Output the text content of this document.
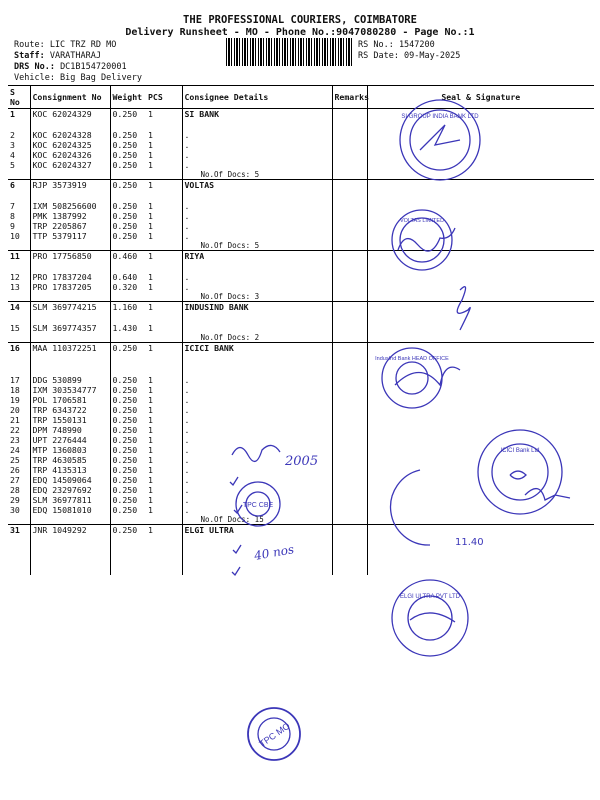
THE PROFESSIONAL COURIERS, COIMBATORE
Delivery Runsheet - MO - Phone No.:9047080280 - Page No.:1
Route: LIC TRZ RD MO
Staff: VARATHARAJ
DRS No.: DC1B154720001
Vehicle: Big Bag Delivery
RS No.: 1547200
RS Date: 09-May-2025
S No	Consignment No	Weight	PCS	Consignee Details	Remarks	Seal & Signature
1	KOC 62024329	0.250	1	SI BANK		

2	KOC 62024328	0.250	1	.		
3	KOC 62024325	0.250	1	.		
4	KOC 62024326	0.250	1	.		
5	KOC 62024327	0.250	1	.		
				No.Of Docs: 5		
6	RJP 3573919	0.250	1	VOLTAS		

7	IXM 508256600	0.250	1	.		
8	PMK 1387992	0.250	1	.		
9	TRP 2205867	0.250	1	.		
10	TTP 5379117	0.250	1	.		
				No.Of Docs: 5		
11	PRO 17756850	0.460	1	RIYA		

12	PRO 17837204	0.640	1	.		
13	PRO 17837205	0.320	1	.		
				No.Of Docs: 3		
14	SLM 369774215	1.160	1	INDUSIND BANK		

15	SLM 369774357	1.430	1			
				No.Of Docs: 2		
16	MAA 110372251	0.250	1	ICICI BANK		

17	DDG 530899	0.250	1	.		
18	IXM 303534777	0.250	1	.		
19	POL 1706581	0.250	1	.		
20	TRP 6343722	0.250	1	.		
21	TRP 1550131	0.250	1	.		
22	DPM 748990	0.250	1	.		
23	UPT 2276444	0.250	1	.		
24	MTP 1360803	0.250	1	.		
25	TRP 4630585	0.250	1	.		
26	TRP 4135313	0.250	1	.		
27	EDQ 14509064	0.250	1	.		
28	EDQ 23297692	0.250	1	.		
29	SLM 36977811	0.250	1	.		
30	EDQ 15081010	0.250	1	.		
				No.Of Docs: 15		
31	JNR 1049292	0.250	1	ELGI ULTRA		

SI GROUP INDIA BANK LTD
VOLTAS LIMITED
IndusInd Bank HEAD OFFICE
ICICI Bank Ltd
11.40
TPC CBE
2005
40 nos
ELGI ULTRA PVT LTD
TPC MO
